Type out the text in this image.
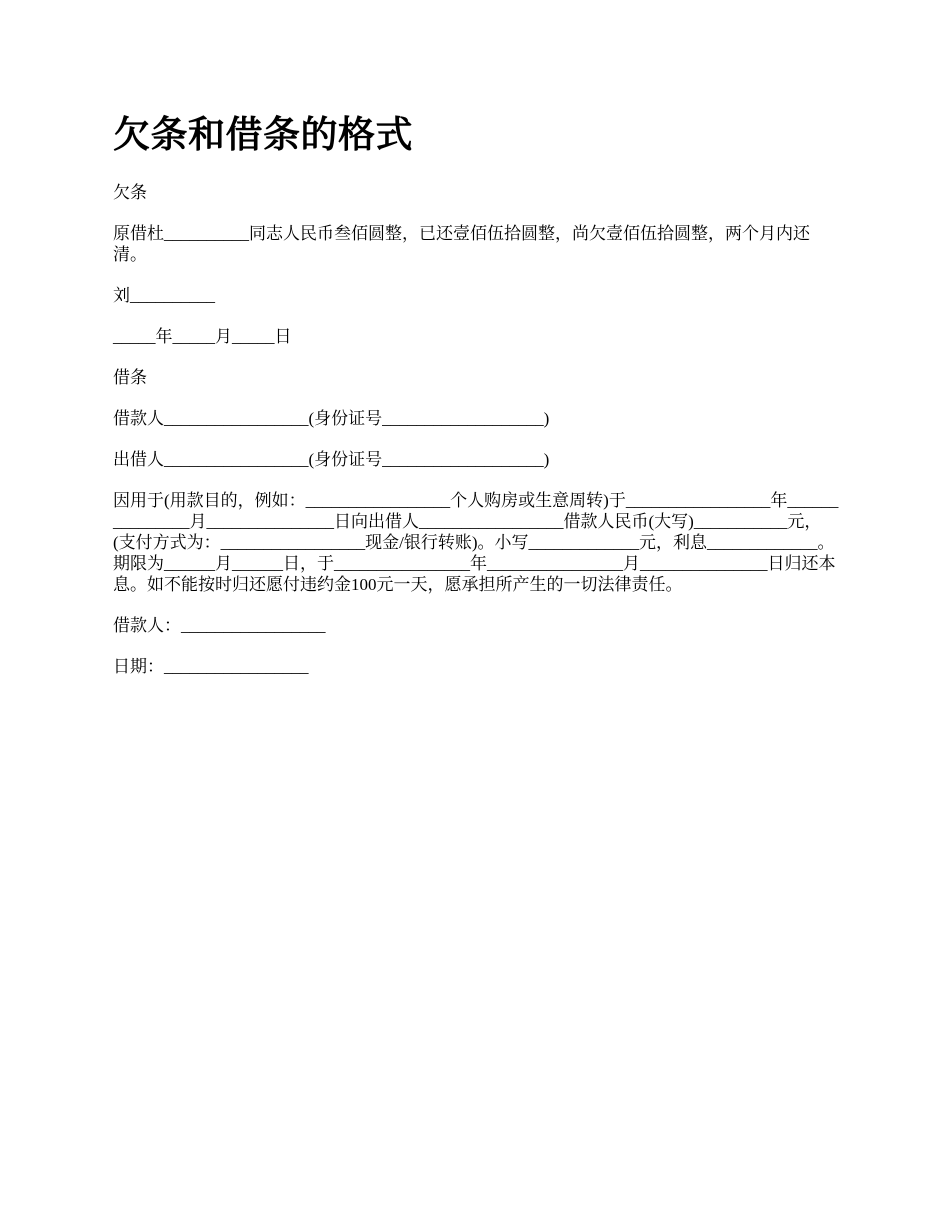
欠条和借条的格式

欠条

原借杜__________同志人民币叁佰圆整，已还壹佰伍拾圆整，尚欠壹佰伍拾圆整，两个月内还清。

刘__________

_____年_____月_____日

借条

借款人_________________(身份证号___________________)

出借人_________________(身份证号___________________)

因用于(用款目的，例如：_________________个人购房或生意周转)于_________________年_______________月_______________日向出借人_________________借款人民币(大写)___________元，(支付方式为：_________________现金/银行转账)。小写_____________元，利息_____________。期限为______月______日，于________________年________________月_______________日归还本息。如不能按时归还愿付违约金100元一天，愿承担所产生的一切法律责任。

借款人：_________________

日期：_________________
